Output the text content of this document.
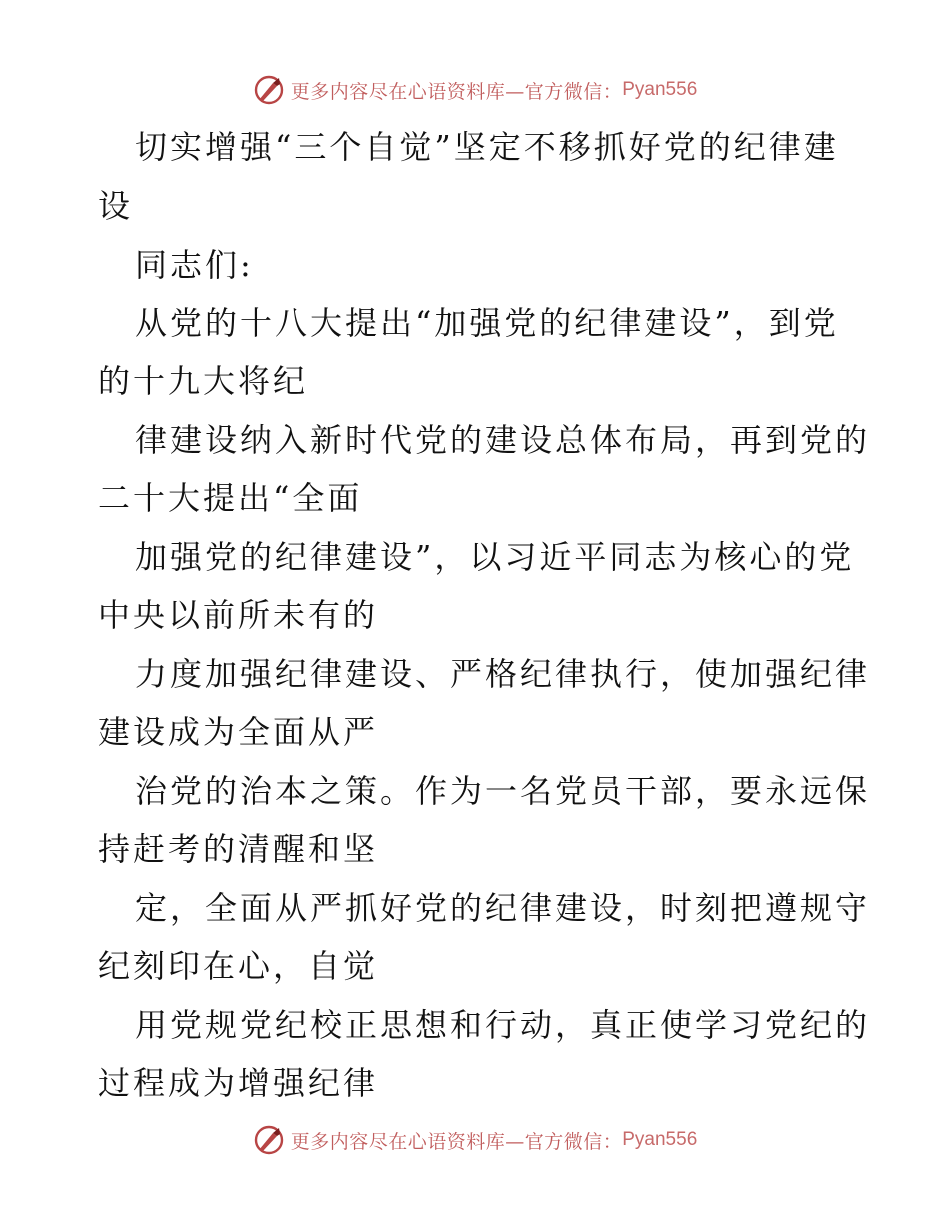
更多内容尽在心语资料库—官方微信： Pyan556
切实增强“三个自觉”坚定不移抓好党的纪律建
设
同志们:
从党的十八大提出“加强党的纪律建设”，到党
的十九大将纪
律建设纳入新时代党的建设总体布局，再到党的
二十大提出“全面
加强党的纪律建设”，以习近平同志为核心的党
中央以前所未有的
力度加强纪律建设、严格纪律执行，使加强纪律
建设成为全面从严
治党的治本之策。作为一名党员干部，要永远保
持赶考的清醒和坚
定，全面从严抓好党的纪律建设，时刻把遵规守
纪刻印在心，自觉
用党规党纪校正思想和行动，真正使学习党纪的
过程成为增强纪律
更多内容尽在心语资料库—官方微信： Pyan556
